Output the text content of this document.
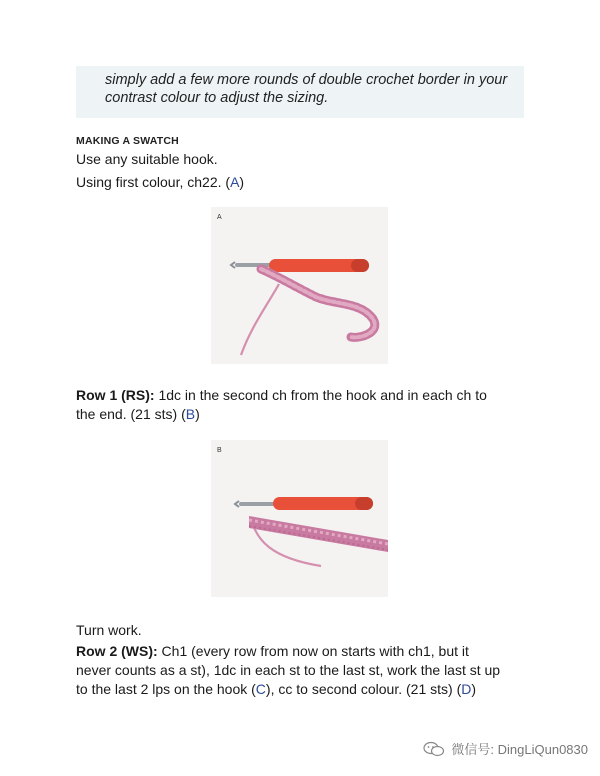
simply add a few more rounds of double crochet border in your

contrast colour to adjust the sizing.

MAKING A SWATCH
Use any suitable hook.
Using first colour, ch22. (A)
A

Row 1 (RS): 1dc in the second ch from the hook and in each ch to
the end. (21 sts) (B)

B
Turn work.

Row 2 (WS): Ch1 (every row from now on starts with ch1, but it
never counts as a st), 1dc in each st to the last st, work the last st up
to the last 2 lps on the hook (C), cc to second colour. (21 sts) (D)

微信号: DingLiQun0830
